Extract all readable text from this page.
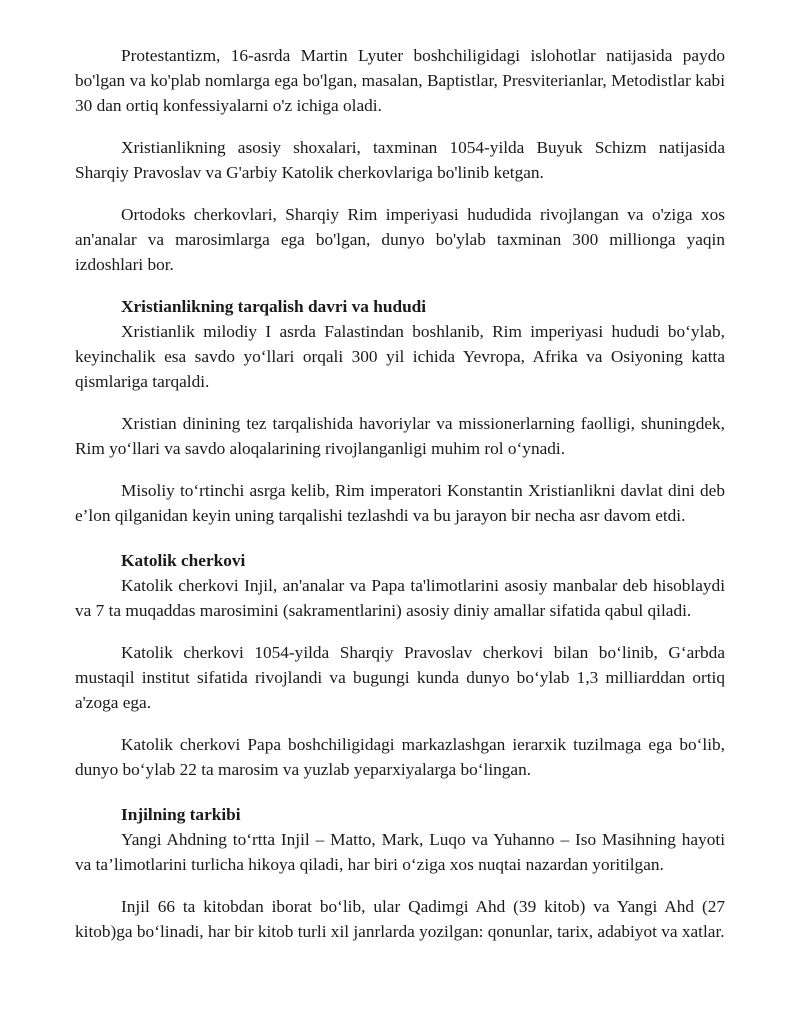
Protestantizm, 16-asrda Martin Lyuter boshchiligidagi islohotlar natijasida paydo bo'lgan va ko'plab nomlarga ega bo'lgan, masalan, Baptistlar, Presviterianlar, Metodistlar kabi 30 dan ortiq konfessiyalarni o'z ichiga oladi.

Xristianlikning asosiy shoxalari, taxminan 1054-yilda Buyuk Schizm natijasida Sharqiy Pravoslav va G'arbiy Katolik cherkovlariga bo'linib ketgan.

Ortodoks cherkovlari, Sharqiy Rim imperiyasi hududida rivojlangan va o'ziga xos an'analar va marosimlarga ega bo'lgan, dunyo bo'ylab taxminan 300 millionga yaqin izdoshlari bor.

Xristianlikning tarqalish davri va hududi

Xristianlik milodiy I asrda Falastindan boshlanib, Rim imperiyasi hududi bo‘ylab, keyinchalik esa savdo yo‘llari orqali 300 yil ichida Yevropa, Afrika va Osiyoning katta qismlariga tarqaldi.

Xristian dinining tez tarqalishida havoriylar va missionerlarning faolligi, shuningdek, Rim yo‘llari va savdo aloqalarining rivojlanganligi muhim rol o‘ynadi.

Misoliy to‘rtinchi asrga kelib, Rim imperatori Konstantin Xristianlikni davlat dini deb e’lon qilganidan keyin uning tarqalishi tezlashdi va bu jarayon bir necha asr davom etdi.

Katolik cherkovi

Katolik cherkovi Injil, an'analar va Papa ta'limotlarini asosiy manbalar deb hisoblaydi va 7 ta muqaddas marosimini (sakramentlarini) asosiy diniy amallar sifatida qabul qiladi.

Katolik cherkovi 1054-yilda Sharqiy Pravoslav cherkovi bilan bo‘linib, G‘arbda mustaqil institut sifatida rivojlandi va bugungi kunda dunyo bo‘ylab 1,3 milliarddan ortiq a'zoga ega.

Katolik cherkovi Papa boshchiligidagi markazlashgan ierarxik tuzilmaga ega bo‘lib, dunyo bo‘ylab 22 ta marosim va yuzlab yeparxiyalarga bo‘lingan.

Injilning tarkibi

Yangi Ahdning to‘rtta Injil – Matto, Mark, Luqo va Yuhanno – Iso Masihning hayoti va ta’limotlarini turlicha hikoya qiladi, har biri o‘ziga xos nuqtai nazardan yoritilgan.

Injil 66 ta kitobdan iborat bo‘lib, ular Qadimgi Ahd (39 kitob) va Yangi Ahd (27 kitob)ga bo‘linadi, har bir kitob turli xil janrlarda yozilgan: qonunlar, tarix, adabiyot va xatlar.
